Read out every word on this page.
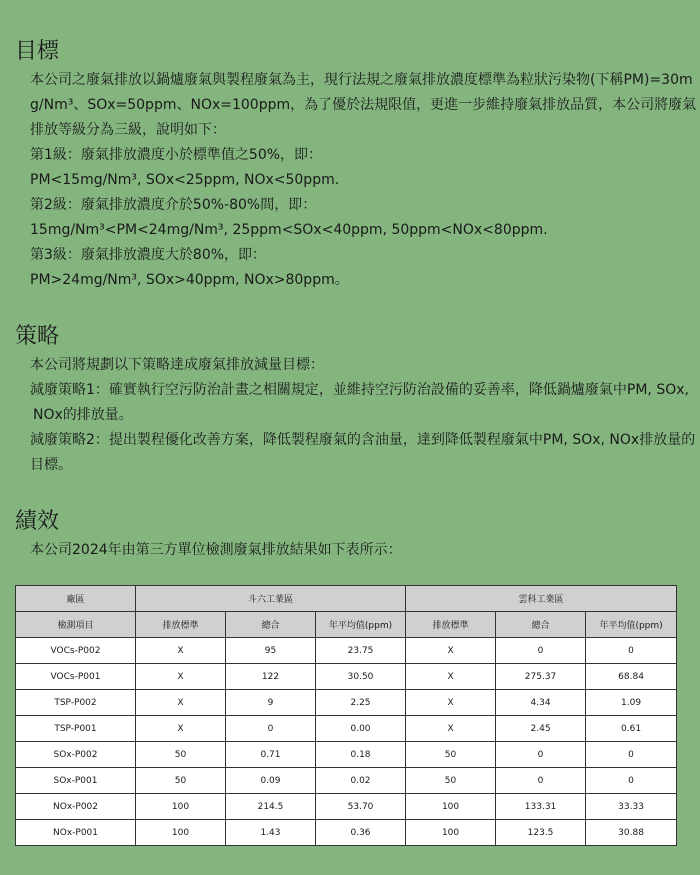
目標
本公司之廢氣排放以鍋爐廢氣與製程廢氣為主，現行法規之廢氣排放濃度標準為粒狀污染物(下稱PM)=30m
g/Nm³、SOx=50ppm、NOx=100ppm，為了優於法規限值，更進一步維持廢氣排放品質，本公司將廢氣
排放等級分為三級，說明如下：
第1級：廢氣排放濃度小於標準值之50%，即：
PM<15mg/Nm³, SOx<25ppm, NOx<50ppm.
第2級：廢氣排放濃度介於50%-80%間，即：
15mg/Nm³<PM<24mg/Nm³, 25ppm<SOx<40ppm, 50ppm<NOx<80ppm.
第3級：廢氣排放濃度大於80%，即：
PM>24mg/Nm³, SOx>40ppm, NOx>80ppm。
策略
本公司將規劃以下策略達成廢氣排放減量目標：
減廢策略1：確實執行空污防治計畫之相關規定，並維持空污防治設備的妥善率，降低鍋爐廢氣中PM, SOx,
NOx的排放量。
減廢策略2：提出製程優化改善方案，降低製程廢氣的含油量，達到降低製程廢氣中PM, SOx, NOx排放量的
目標。
績效
本公司2024年由第三方單位檢測廢氣排放結果如下表所示：
廠區	斗六工業區			雲科工業區		
檢測項目	排放標準	總合	年平均值(ppm)	排放標準	總合	年平均值(ppm)
VOCs-P002	X	95	23.75	X	0	0
VOCs-P001	X	122	30.50	X	275.37	68.84
TSP-P002	X	9	2.25	X	4.34	1.09
TSP-P001	X	0	0.00	X	2.45	0.61
SOx-P002	50	0.71	0.18	50	0	0
SOx-P001	50	0.09	0.02	50	0	0
NOx-P002	100	214.5	53.70	100	133.31	33.33
NOx-P001	100	1.43	0.36	100	123.5	30.88
